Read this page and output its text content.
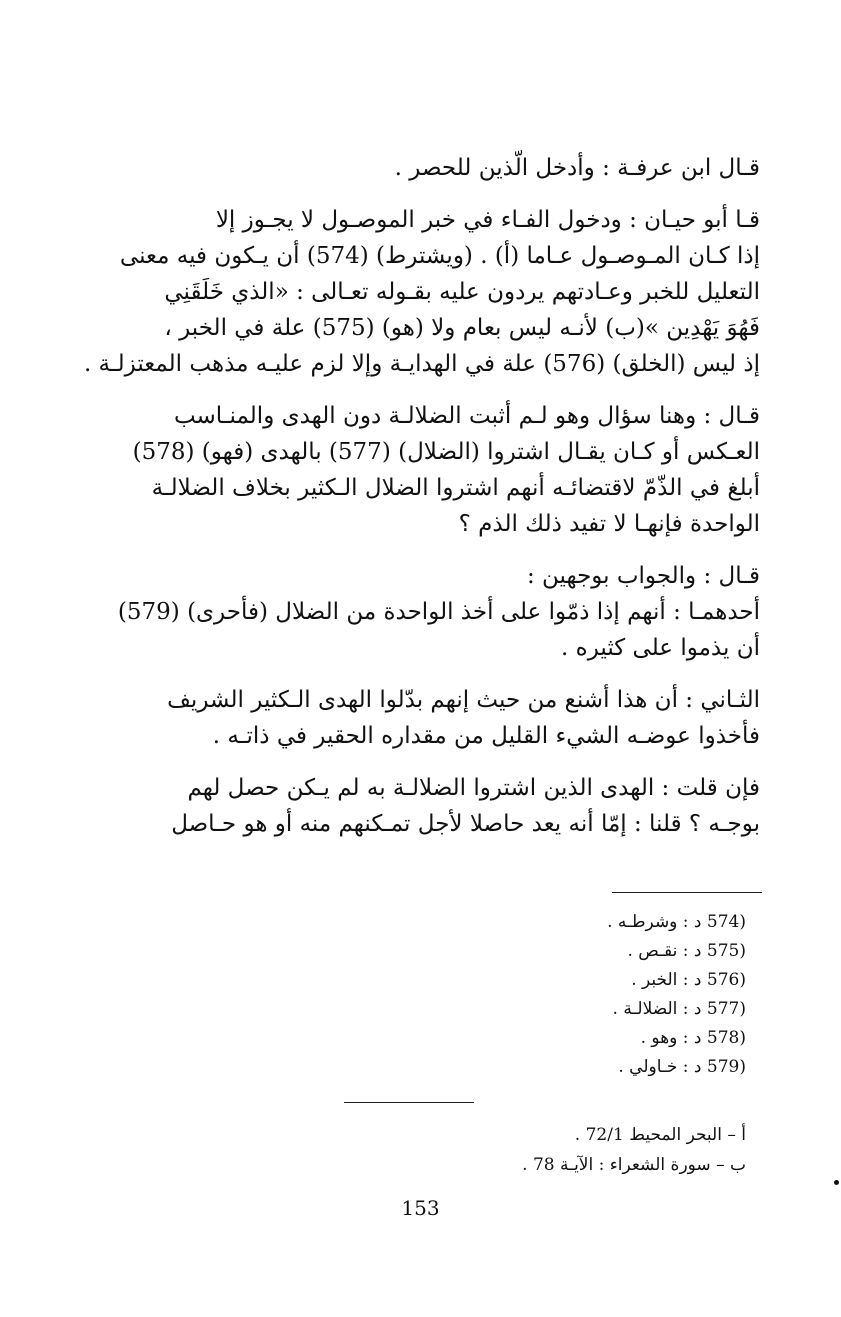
قـال ابن عرفـة : وأدخل الّذين للحصر .

قـا أبو حيـان : ودخول الفـاء في خبر الموصـول لا يجـوز إلا
إذا كـان المـوصـول عـاما (أ) . (ويشترط) (574) أن يـكون فيه معنى
التعليل للخبر وعـادتهم يردون عليه بقـوله تعـالى : «الذي خَلَقَنِي
فَهُوَ يَهْدِين »(ب) لأنـه ليس بعام ولا (هو) (575) علة في الخبر ،
إذ ليس (الخلق) (576) علة في الهدايـة وإلا لزم عليـه مذهب المعتزلـة .

قـال : وهنا سؤال وهو لـم أثبت الضلالـة دون الهدى والمنـاسب
العـكس أو كـان يقـال اشتروا (الضلال) (577) بالهدى (فهو) (578)
أبلغ في الذّمّ لاقتضائـه أنهم اشتروا الضلال الـكثير بخلاف الضلالـة
الواحدة فإنهـا لا تفيد ذلك الذم ؟

قـال : والجواب بوجهين :
أحدهمـا : أنهم إذا ذمّوا على أخذ الواحدة من الضلال (فأحرى) (579)
أن يذموا على كثيره .

الثـاني : أن هذا أشنع من حيث إنهم بدّلوا الهدى الـكثير الشريف
فأخذوا عوضـه الشيء القليل من مقداره الحقير في ذاتـه .

فإن قلت : الهدى الذين اشتروا الضلالـة به لم يـكن حصل لهم
بوجـه ؟ قلنا : إمّا أنه يعد حاصلا لأجل تمـكنهم منه أو هو حـاصل

(574 د : وشرطـه .
(575 د : نقـص .
(576 د : الخبر .
(577 د : الضلالـة .
(578 د : وهو .
(579 د : خـاولي .
أ – البحر المحيط 72/1 .
ب – سورة الشعراء : الآيـة 78 .
153
